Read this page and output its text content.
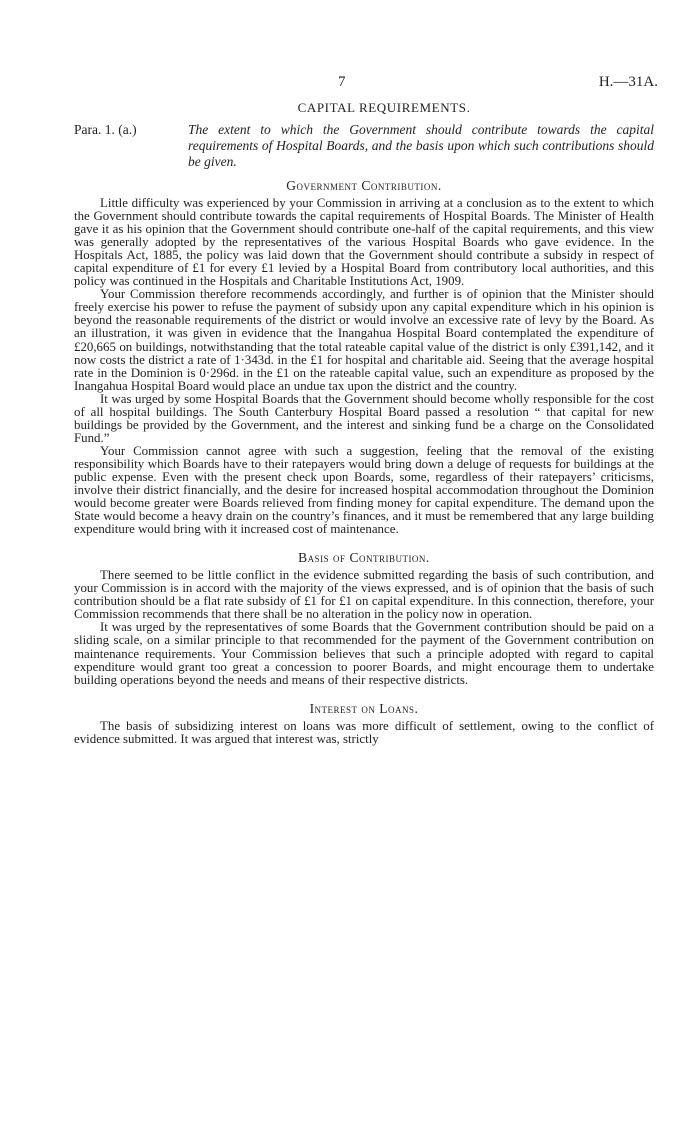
7	H.—31A.
CAPITAL REQUIREMENTS.
Para. 1. (a.)	The extent to which the Government should contribute towards the capital requirements of Hospital Boards, and the basis upon which such contributions should be given.
Government Contribution.

Little difficulty was experienced by your Commission in arriving at a conclusion as to the extent to which the Government should contribute towards the capital requirements of Hospital Boards. The Minister of Health gave it as his opinion that the Government should contribute one-half of the capital requirements, and this view was generally adopted by the representatives of the various Hospital Boards who gave evidence. In the Hospitals Act, 1885, the policy was laid down that the Government should contribute a subsidy in respect of capital expenditure of £1 for every £1 levied by a Hospital Board from contributory local authorities, and this policy was continued in the Hospitals and Charitable Institutions Act, 1909.

Your Commission therefore recommends accordingly, and further is of opinion that the Minister should freely exercise his power to refuse the payment of subsidy upon any capital expenditure which in his opinion is beyond the reasonable requirements of the district or would involve an excessive rate of levy by the Board. As an illustration, it was given in evidence that the Inangahua Hospital Board contemplated the expenditure of £20,665 on buildings, notwithstanding that the total rateable capital value of the district is only £391,142, and it now costs the district a rate of 1·343d. in the £1 for hospital and charitable aid. Seeing that the average hospital rate in the Dominion is 0·296d. in the £1 on the rateable capital value, such an expenditure as proposed by the Inangahua Hospital Board would place an undue tax upon the district and the country.

It was urged by some Hospital Boards that the Government should become wholly responsible for the cost of all hospital buildings. The South Canterbury Hospital Board passed a resolution “ that capital for new buildings be provided by the Government, and the interest and sinking fund be a charge on the Consolidated Fund.”

Your Commission cannot agree with such a suggestion, feeling that the removal of the existing responsibility which Boards have to their ratepayers would bring down a deluge of requests for buildings at the public expense. Even with the present check upon Boards, some, regardless of their ratepayers’ criticisms, involve their district financially, and the desire for increased hospital accommodation throughout the Dominion would become greater were Boards relieved from finding money for capital expenditure. The demand upon the State would become a heavy drain on the country’s finances, and it must be remembered that any large building expenditure would bring with it increased cost of maintenance.

Basis of Contribution.

There seemed to be little conflict in the evidence submitted regarding the basis of such contribution, and your Commission is in accord with the majority of the views expressed, and is of opinion that the basis of such contribution should be a flat rate subsidy of £1 for £1 on capital expenditure. In this connection, therefore, your Commission recommends that there shall be no alteration in the policy now in operation.

It was urged by the representatives of some Boards that the Government contribution should be paid on a sliding scale, on a similar principle to that recommended for the payment of the Government contribution on maintenance requirements. Your Commission believes that such a principle adopted with regard to capital expenditure would grant too great a concession to poorer Boards, and might encourage them to undertake building operations beyond the needs and means of their respective districts.

Interest on Loans.

The basis of subsidizing interest on loans was more difficult of settlement, owing to the conflict of evidence submitted. It was argued that interest was, strictly
